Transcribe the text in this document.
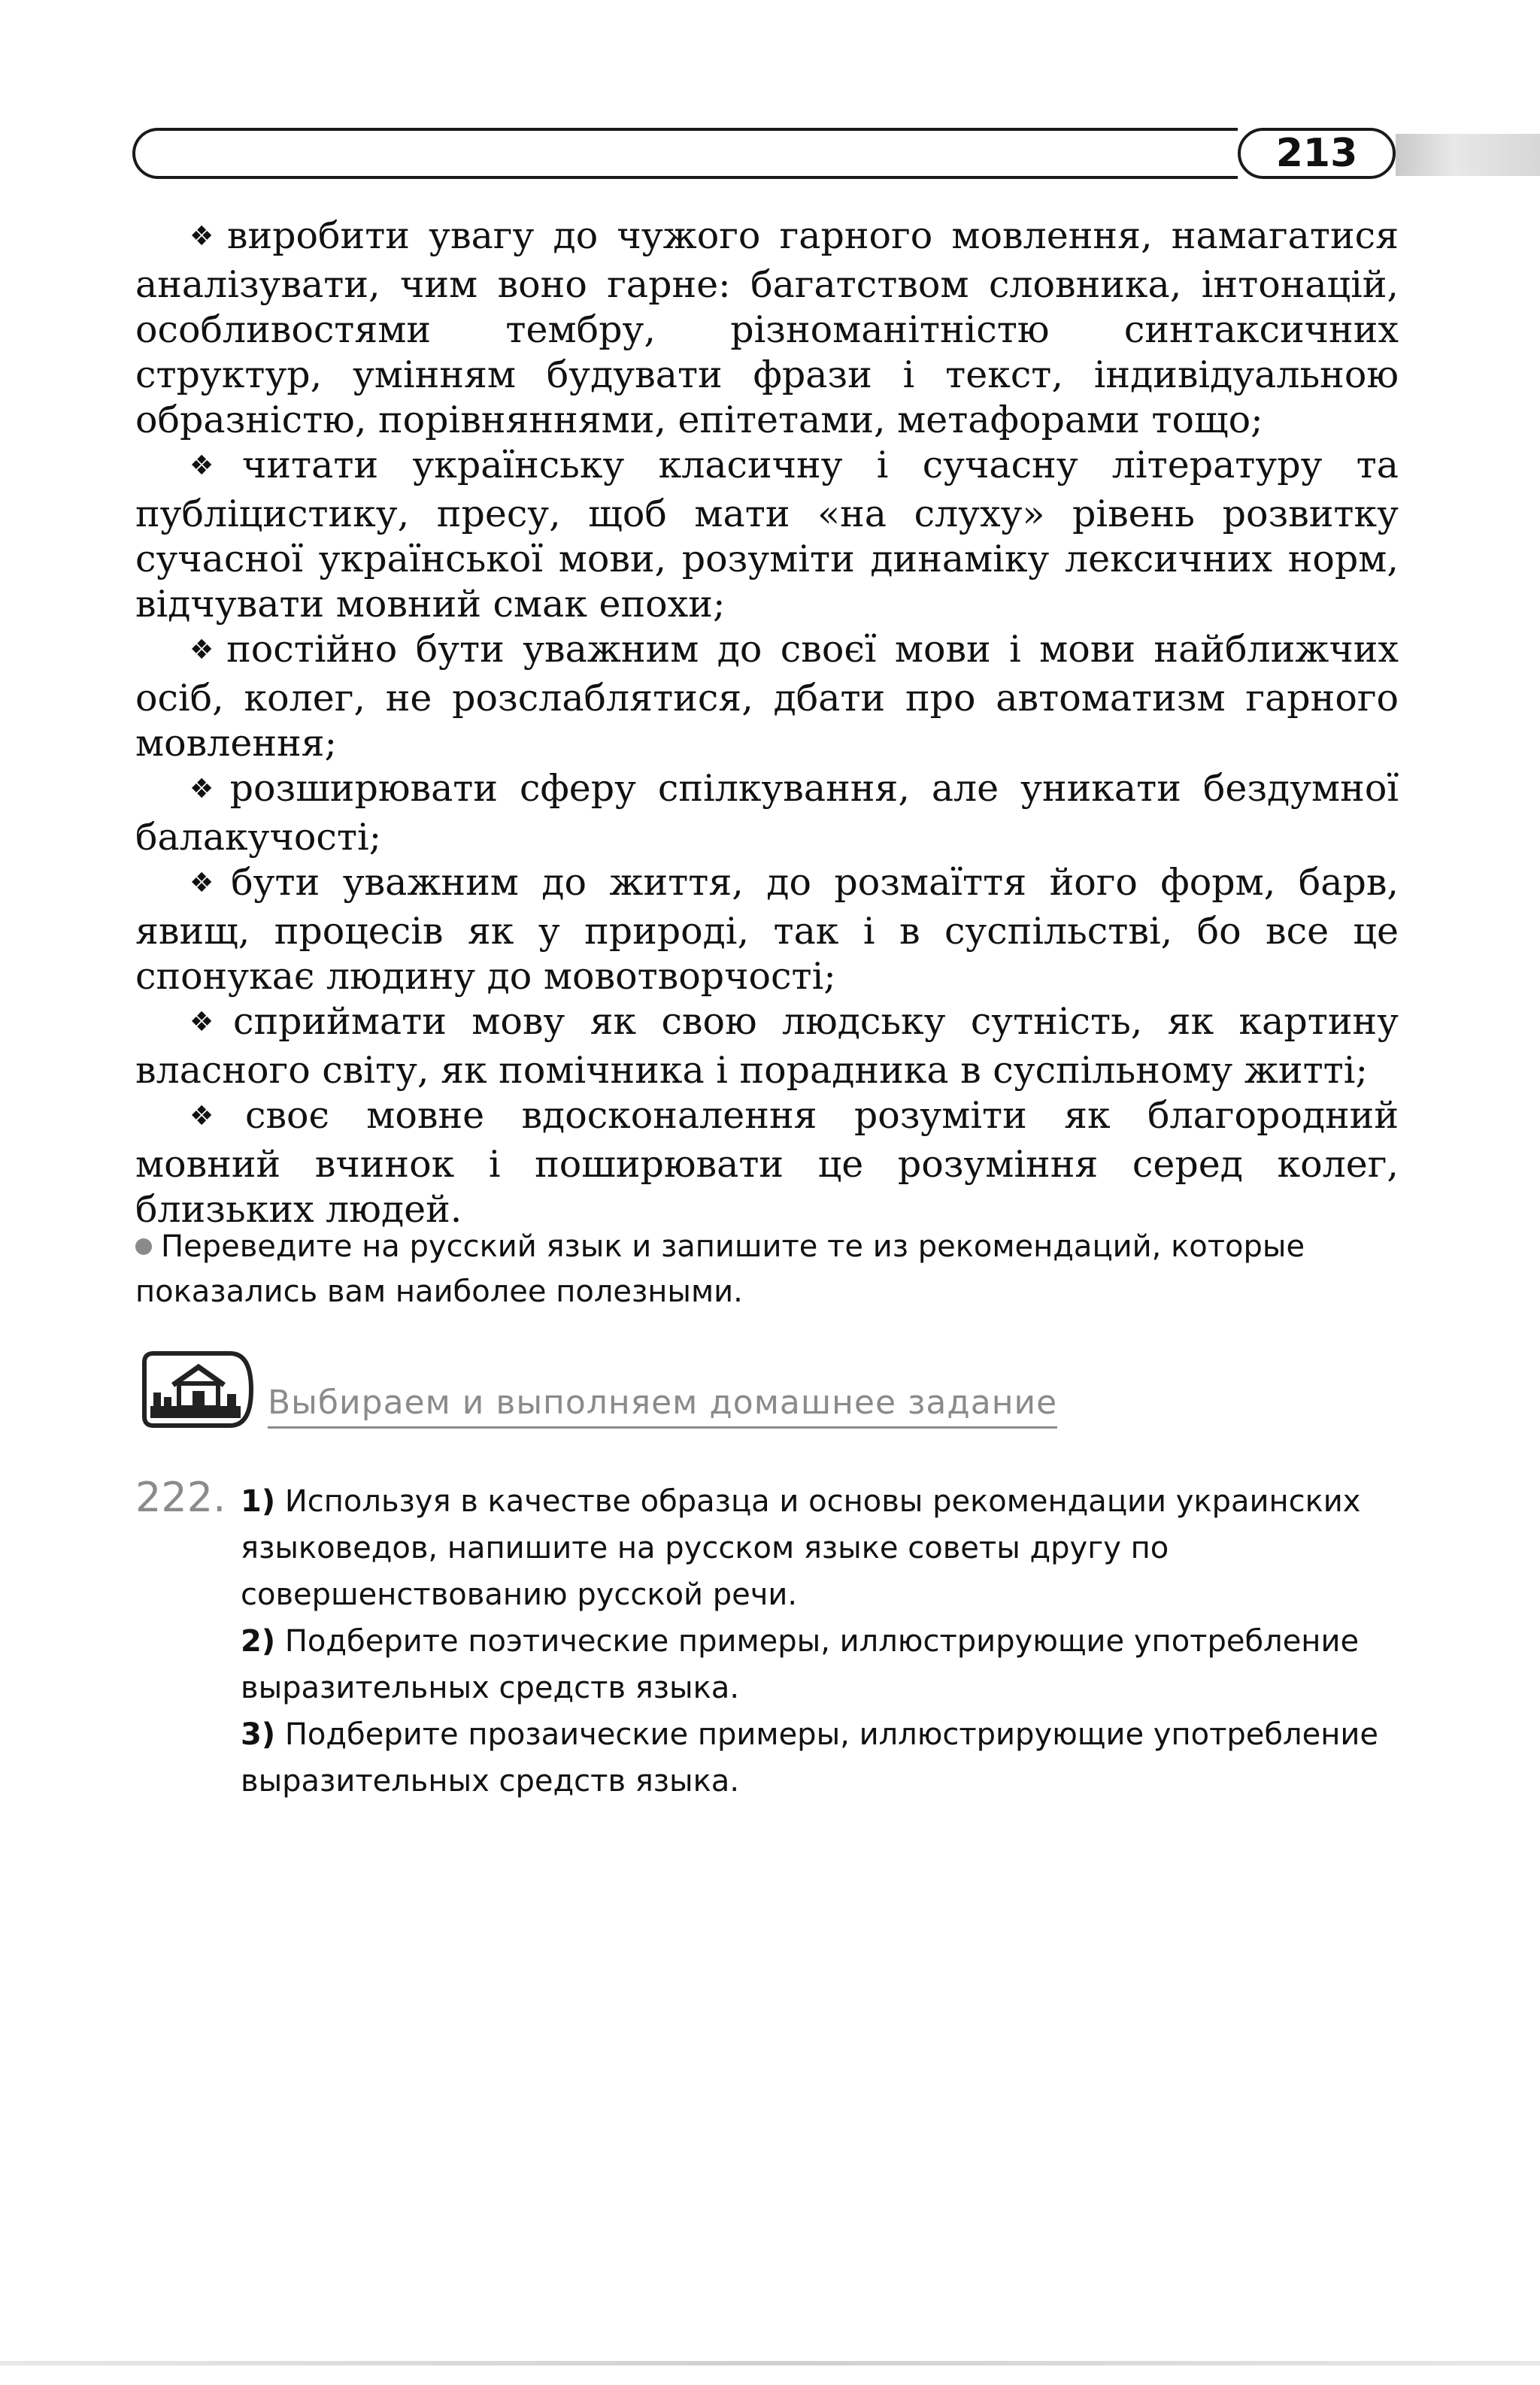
213

❖ виробити увагу до чужого гарного мовлення, намагатися аналізувати, чим воно гарне: багатством словника, інтонацій, особливостями тембру, різноманітністю синтаксичних структур, умінням будувати фрази і текст, індивідуальною образністю, порівняннями, епітетами, метафорами тощо;

❖ читати українську класичну і сучасну літературу та публіцистику, пресу, щоб мати «на слуху» рівень розвитку сучасної української мови, розуміти динаміку лексичних норм, відчувати мовний смак епохи;

❖ постійно бути уважним до своєї мови і мови найближчих осіб, колег, не розслаблятися, дбати про автоматизм гарного мовлення;

❖ розширювати сферу спілкування, але уникати бездумної балакучості;

❖ бути уважним до життя, до розмаїття його форм, барв, явищ, процесів як у природі, так і в суспільстві, бо все це спонукає людину до мовотворчості;

❖ сприймати мову як свою людську сутність, як картину власного світу, як помічника і порадника в суспільному житті;

❖ своє мовне вдосконалення розуміти як благородний мовний вчинок і поширювати це розуміння серед колег, близьких людей.

Переведите на русский язык и запишите те из рекомендаций, которые показались вам наиболее полезными.
Выбираем и выполняем домашнее задание
222. 1) Используя в качестве образца и основы рекомендации украинских языковедов, напишите на русском языке советы другу по совершенствованию русской речи.

2) Подберите поэтические примеры, иллюстрирующие употребление выразительных средств языка.

3) Подберите прозаические примеры, иллюстрирующие употребление выразительных средств языка.
